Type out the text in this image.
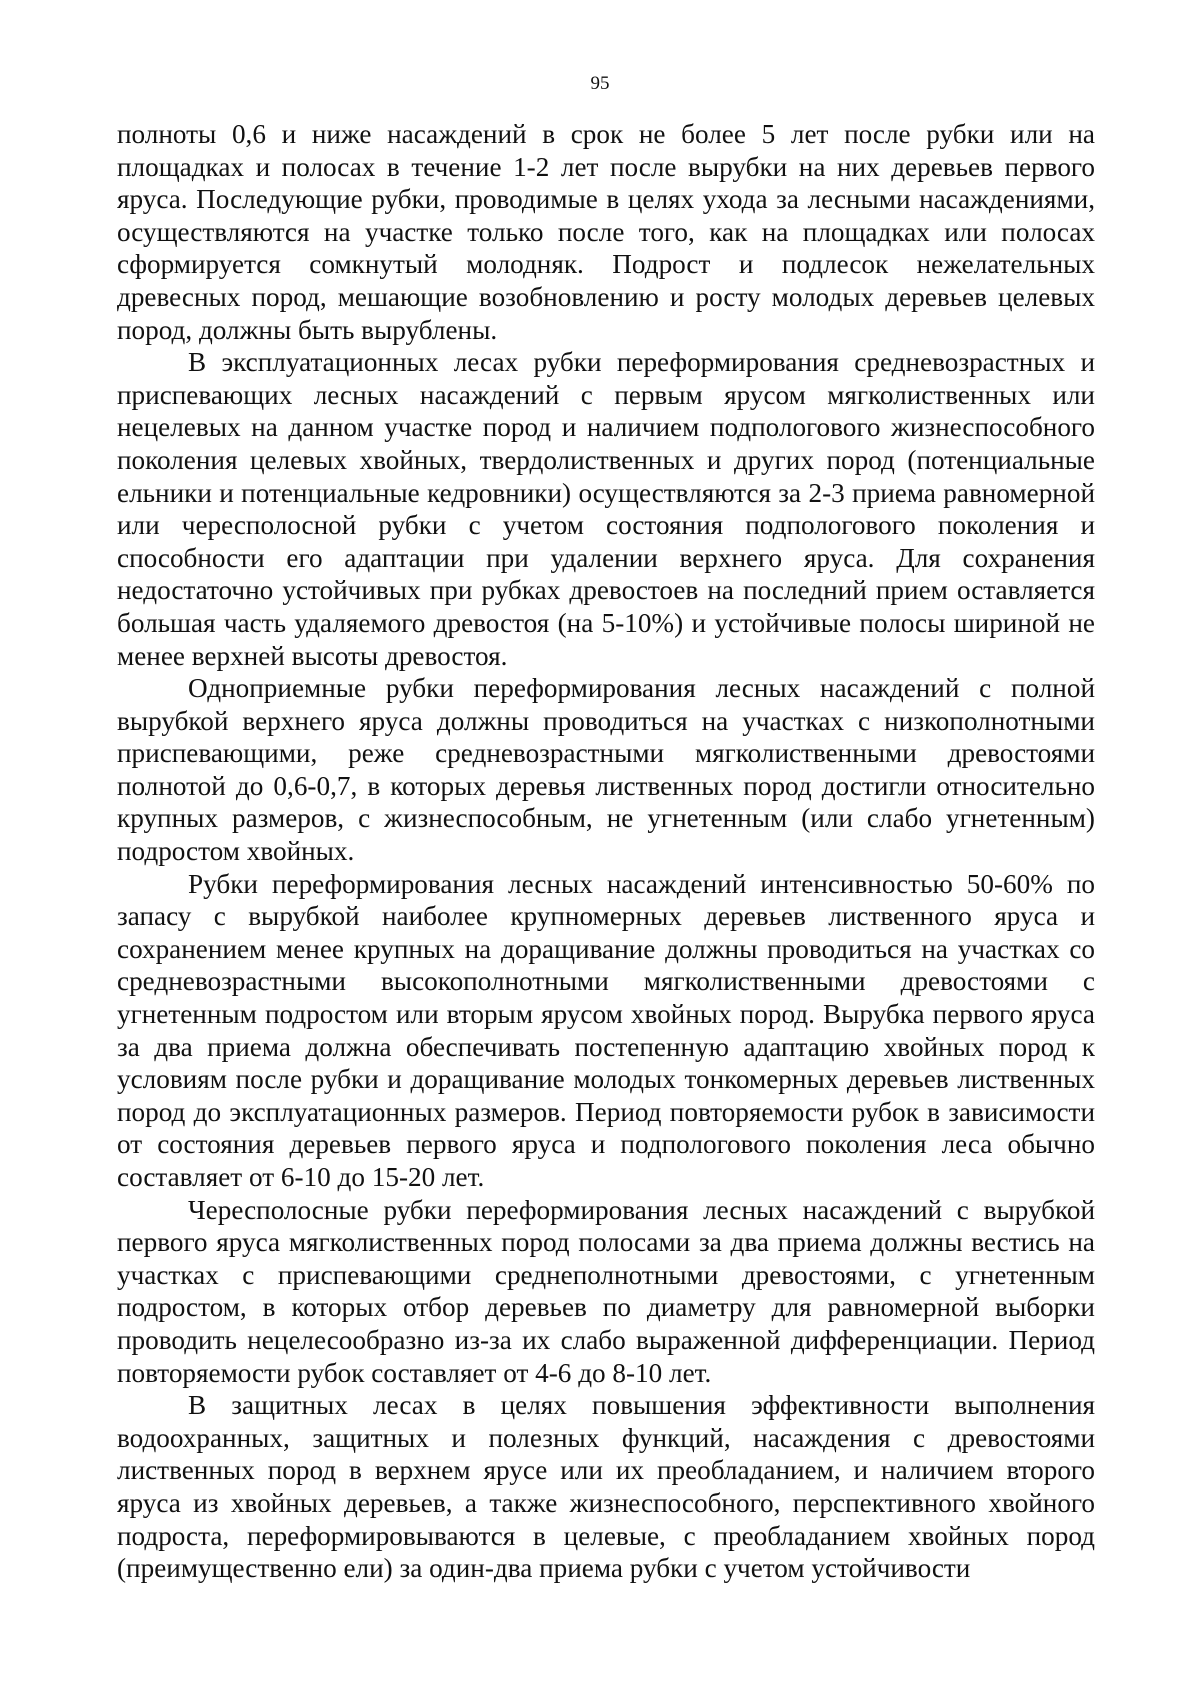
95

полноты 0,6 и ниже насаждений в срок не более 5 лет после рубки или на площадках и полосах в течение 1-2 лет после вырубки на них деревьев первого яруса. Последующие рубки, проводимые в целях ухода за лесными насаждениями, осуществляются на участке только после того, как на площадках или полосах сформируется сомкнутый молодняк. Подрост и подлесок нежелательных древесных пород, мешающие возобновлению и росту молодых деревьев целевых пород, должны быть вырублены.

В эксплуатационных лесах рубки переформирования средневозрастных и приспевающих лесных насаждений с первым ярусом мягколиственных или нецелевых на данном участке пород и наличием подпологового жизнеспособного поколения целевых хвойных, твердолиственных и других пород (потенциальные ельники и потенциальные кедровники) осуществляются за 2-3 приема равномерной или чересполосной рубки с учетом состояния подпологового поколения и способности его адаптации при удалении верхнего яруса. Для сохранения недостаточно устойчивых при рубках древостоев на последний прием оставляется большая часть удаляемого древостоя (на 5-10%) и устойчивые полосы шириной не менее верхней высоты древостоя.

Одноприемные рубки переформирования лесных насаждений с полной вырубкой верхнего яруса должны проводиться на участках с низкополнотными приспевающими, реже средневозрастными мягколиственными древостоями полнотой до 0,6-0,7, в которых деревья лиственных пород достигли относительно крупных размеров, с жизнеспособным, не угнетенным (или слабо угнетенным) подростом хвойных.

Рубки переформирования лесных насаждений интенсивностью 50-60% по запасу с вырубкой наиболее крупномерных деревьев лиственного яруса и сохранением менее крупных на доращивание должны проводиться на участках со средневозрастными высокополнотными мягколиственными древостоями с угнетенным подростом или вторым ярусом хвойных пород. Вырубка первого яруса за два приема должна обеспечивать постепенную адаптацию хвойных пород к условиям после рубки и доращивание молодых тонкомерных деревьев лиственных пород до эксплуатационных размеров. Период повторяемости рубок в зависимости от состояния деревьев первого яруса и подпологового поколения леса обычно составляет от 6-10 до 15-20 лет.

Чересполосные рубки переформирования лесных насаждений с вырубкой первого яруса мягколиственных пород полосами за два приема должны вестись на участках с приспевающими среднеполнотными древостоями, с угнетенным подростом, в которых отбор деревьев по диаметру для равномерной выборки проводить нецелесообразно из-за их слабо выраженной дифференциации. Период повторяемости рубок составляет от 4-6 до 8-10 лет.

В защитных лесах в целях повышения эффективности выполнения водоохранных, защитных и полезных функций, насаждения с древостоями лиственных пород в верхнем ярусе или их преобладанием, и наличием второго яруса из хвойных деревьев, а также жизнеспособного, перспективного хвойного подроста, переформировываются в целевые, с преобладанием хвойных пород (преимущественно ели) за один-два приема рубки с учетом устойчивости
